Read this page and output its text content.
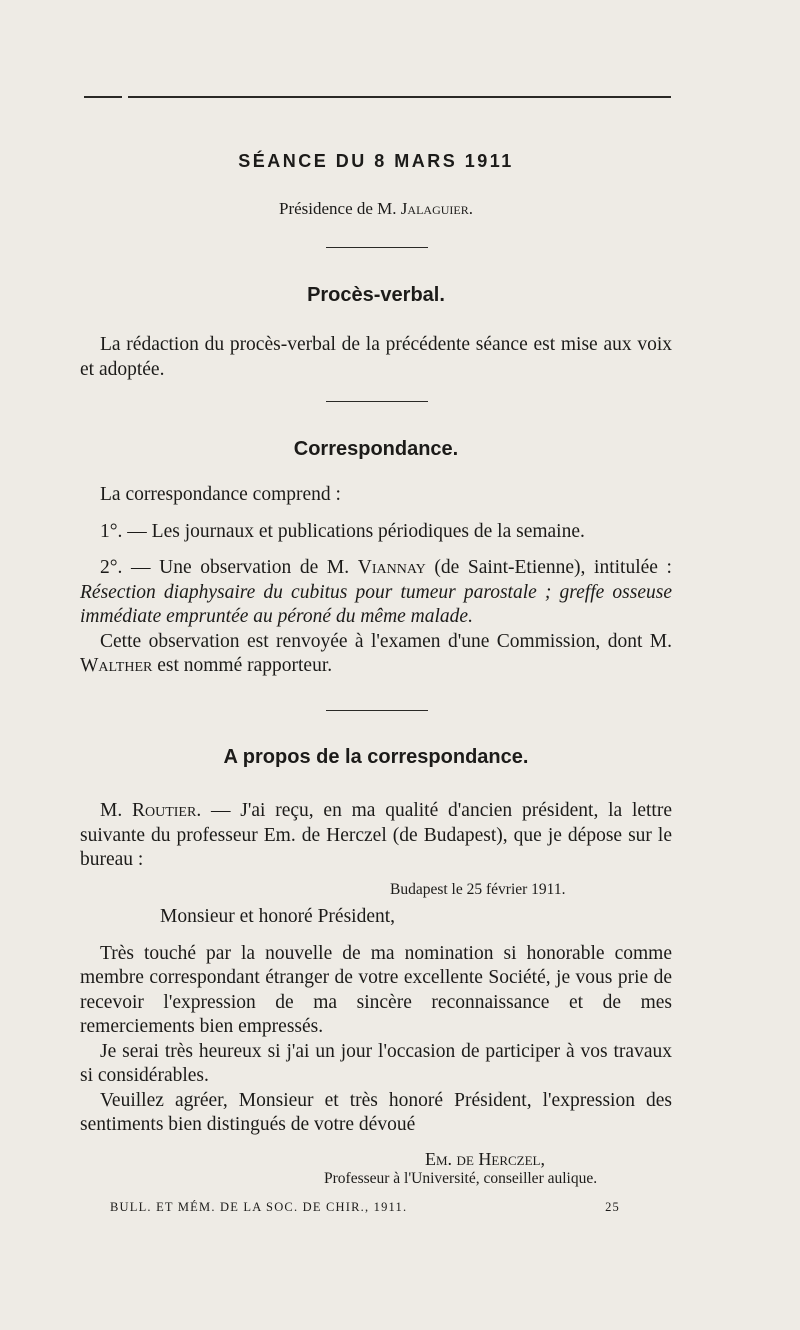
SÉANCE DU 8 MARS 1911
Présidence de M. Jalaguier.
Procès-verbal.

La rédaction du procès-verbal de la précédente séance est mise aux voix et adoptée.

Correspondance.

La correspondance comprend :

1°. — Les journaux et publications périodiques de la semaine.

2°. — Une observation de M. Viannay (de Saint-Etienne), intitulée : Résection diaphysaire du cubitus pour tumeur parostale ; greffe osseuse immédiate empruntée au péroné du même malade.

Cette observation est renvoyée à l'examen d'une Commission, dont M. Walther est nommé rapporteur.

A propos de la correspondance.

M. Routier. — J'ai reçu, en ma qualité d'ancien président, la lettre suivante du professeur Em. de Herczel (de Budapest), que je dépose sur le bureau :

Budapest le 25 février 1911.

Monsieur et honoré Président,

Très touché par la nouvelle de ma nomination si honorable comme membre correspondant étranger de votre excellente Société, je vous prie de recevoir l'expression de ma sincère reconnaissance et de mes remerciements bien empressés.

Je serai très heureux si j'ai un jour l'occasion de participer à vos travaux si considérables.

Veuillez agréer, Monsieur et très honoré Président, l'expression des sentiments bien distingués de votre dévoué

Em. de Herczel,
Professeur à l'Université, conseiller aulique.
BULL. ET MÉM. DE LA SOC. DE CHIR., 1911.	25
